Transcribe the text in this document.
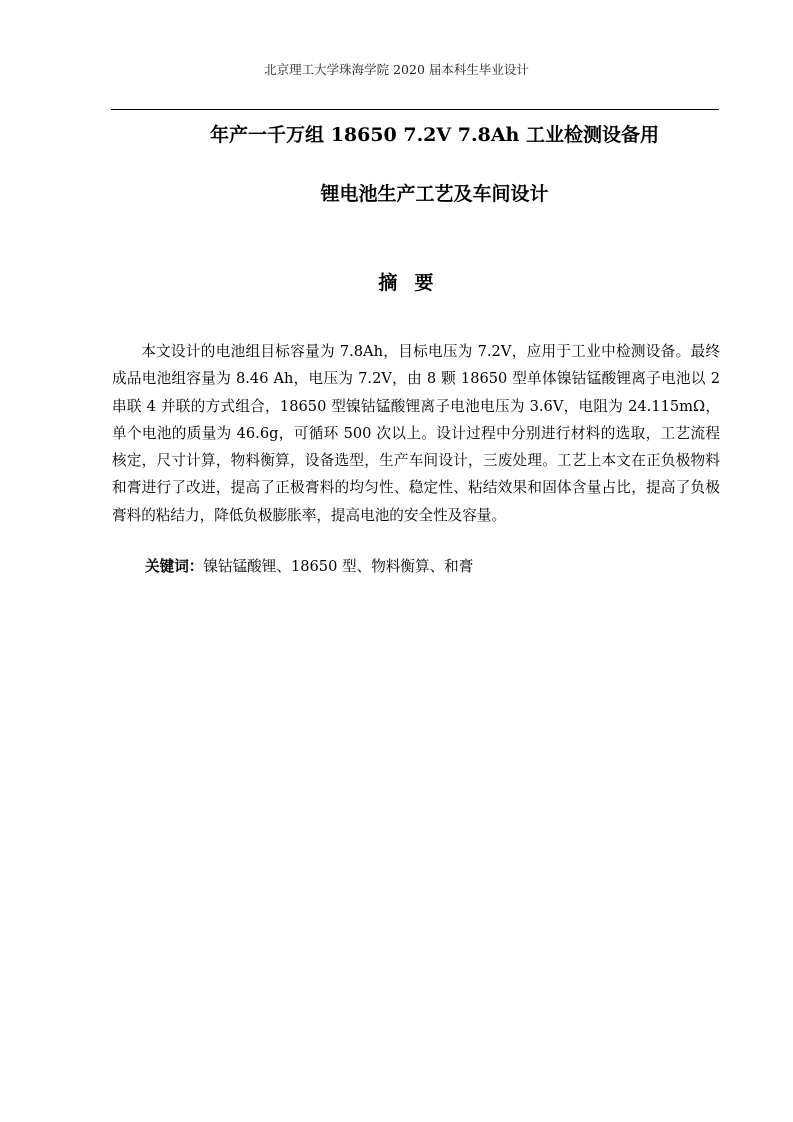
北京理工大学珠海学院 2020 届本科生毕业设计
年产一千万组 18650 7.2V 7.8Ah 工业检测设备用
锂电池生产工艺及车间设计
摘要

本文设计的电池组目标容量为 7.8Ah，目标电压为 7.2V，应用于工业中检测设备。最终成品电池组容量为 8.46 Ah，电压为 7.2V，由 8 颗 18650 型单体镍钴锰酸锂离子电池以 2 串联 4 并联的方式组合，18650 型镍钴锰酸锂离子电池电压为 3.6V，电阻为 24.115mΩ，单个电池的质量为 46.6g，可循环 500 次以上。设计过程中分别进行材料的选取，工艺流程核定，尺寸计算，物料衡算，设备选型，生产车间设计，三废处理。工艺上本文在正负极物料和膏进行了改进，提高了正极膏料的均匀性、稳定性、粘结效果和固体含量占比，提高了负极膏料的粘结力，降低负极膨胀率，提高电池的安全性及容量。

关键词：镍钴锰酸锂、18650 型、物料衡算、和膏
